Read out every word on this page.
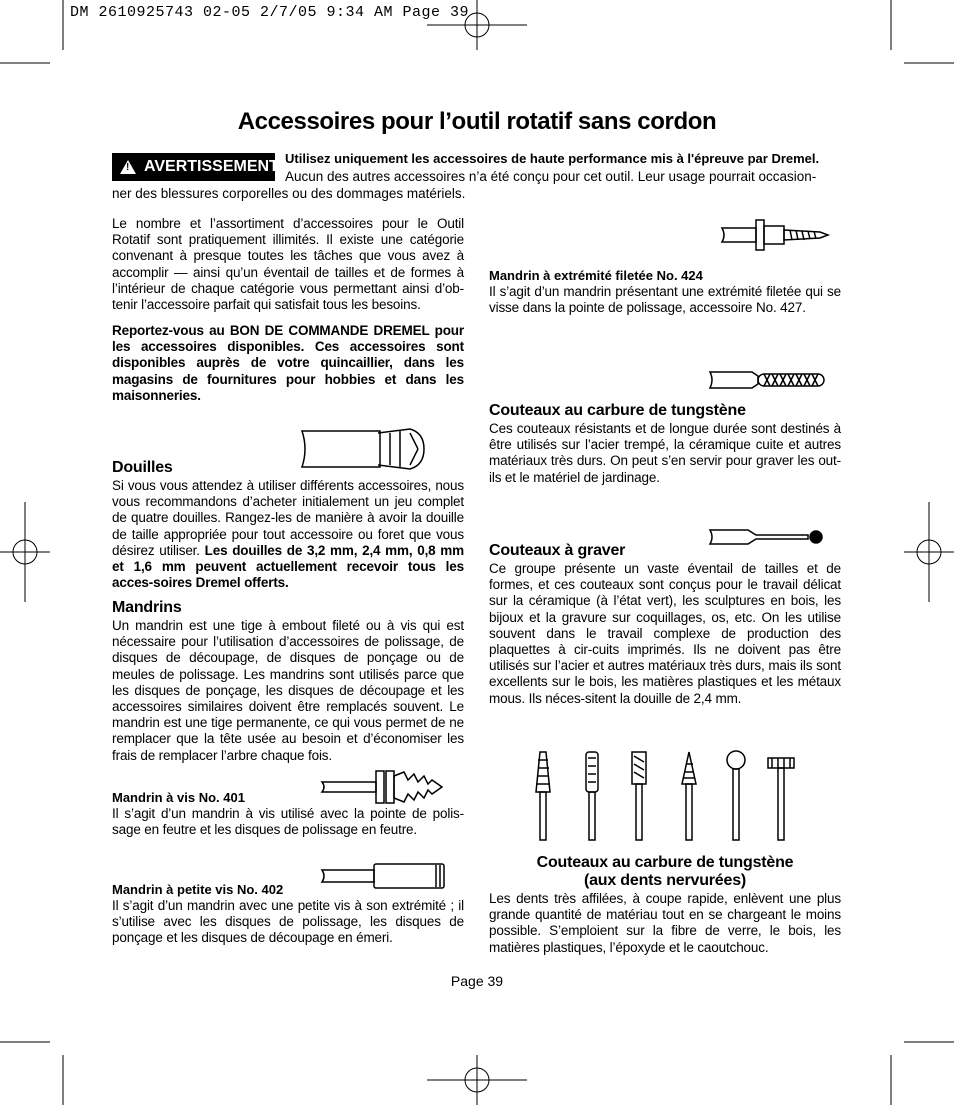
DM 2610925743 02-05 2/7/05 9:34 AM Page 39
Accessoires pour l’outil rotatif sans cordon
! AVERTISSEMENT Utilisez uniquement les accessoires de haute performance mis à l'épreuve par Dremel.
Aucun des autres accessoires n’a été conçu pour cet outil. Leur usage pourrait occasion-
ner des blessures corporelles ou des dommages matériels.
Le nombre et l’assortiment d’accessoires pour le Outil Rotatif sont pratiquement illimités. Il existe une catégorie convenant à presque toutes les tâches que vous avez à accomplir — ainsi qu’un éventail de tailles et de formes à l’intérieur de chaque catégorie vous permettant ainsi d’ob-tenir l’accessoire parfait qui satisfait tous les besoins.
Reportez-vous au BON DE COMMANDE DREMEL pour les accessoires disponibles. Ces accessoires sont disponibles auprès de votre quincaillier, dans les magasins de fournitures pour hobbies et dans les maisonneries.
Douilles
Si vous vous attendez à utiliser différents accessoires, nous vous recommandons d’acheter initialement un jeu complet de quatre douilles. Rangez-les de manière à avoir la douille de taille appropriée pour tout accessoire ou foret que vous désirez utiliser. Les douilles de 3,2 mm, 2,4 mm, 0,8 mm et 1,6 mm peuvent actuellement recevoir tous les acces-soires Dremel offerts.
Mandrins
Un mandrin est une tige à embout fileté ou à vis qui est nécessaire pour l’utilisation d’accessoires de polissage, de disques de découpage, de disques de ponçage ou de meules de polissage. Les mandrins sont utilisés parce que les disques de ponçage, les disques de découpage et les accessoires similaires doivent être remplacés souvent. Le mandrin est une tige permanente, ce qui vous permet de ne remplacer que la tête usée au besoin et d’économiser les frais de remplacer l’arbre chaque fois.
Mandrin à vis No. 401
Il s’agit d’un mandrin à vis utilisé avec la pointe de polis-sage en feutre et les disques de polissage en feutre.
Mandrin à petite vis No. 402
Il s’agit d’un mandrin avec une petite vis à son extrémité ; il s’utilise avec les disques de polissage, les disques de ponçage et les disques de découpage en émeri.
Mandrin à extrémité filetée No. 424
Il s’agit d’un mandrin présentant une extrémité filetée qui se visse dans la pointe de polissage, accessoire No. 427.
Couteaux au carbure de tungstène
Ces couteaux résistants et de longue durée sont destinés à être utilisés sur l’acier trempé, la céramique cuite et autres matériaux très durs. On peut s’en servir pour graver les out-ils et le matériel de jardinage.
Couteaux à graver
Ce groupe présente un vaste éventail de tailles et de formes, et ces couteaux sont conçus pour le travail délicat sur la céramique (à l’état vert), les sculptures en bois, les bijoux et la gravure sur coquillages, os, etc. On les utilise souvent dans le travail complexe de production des plaquettes à cir-cuits imprimés. Ils ne doivent pas être utilisés sur l’acier et autres matériaux très durs, mais ils sont excellents sur le bois, les matières plastiques et les métaux mous. Ils néces-sitent la douille de 2,4 mm.
Couteaux au carbure de tungstène
(aux dents nervurées)
Les dents très affilées, à coupe rapide, enlèvent une plus grande quantité de matériau tout en se chargeant le moins possible. S’emploient sur la fibre de verre, le bois, les matières plastiques, l’époxyde et le caoutchouc.
Page 39
